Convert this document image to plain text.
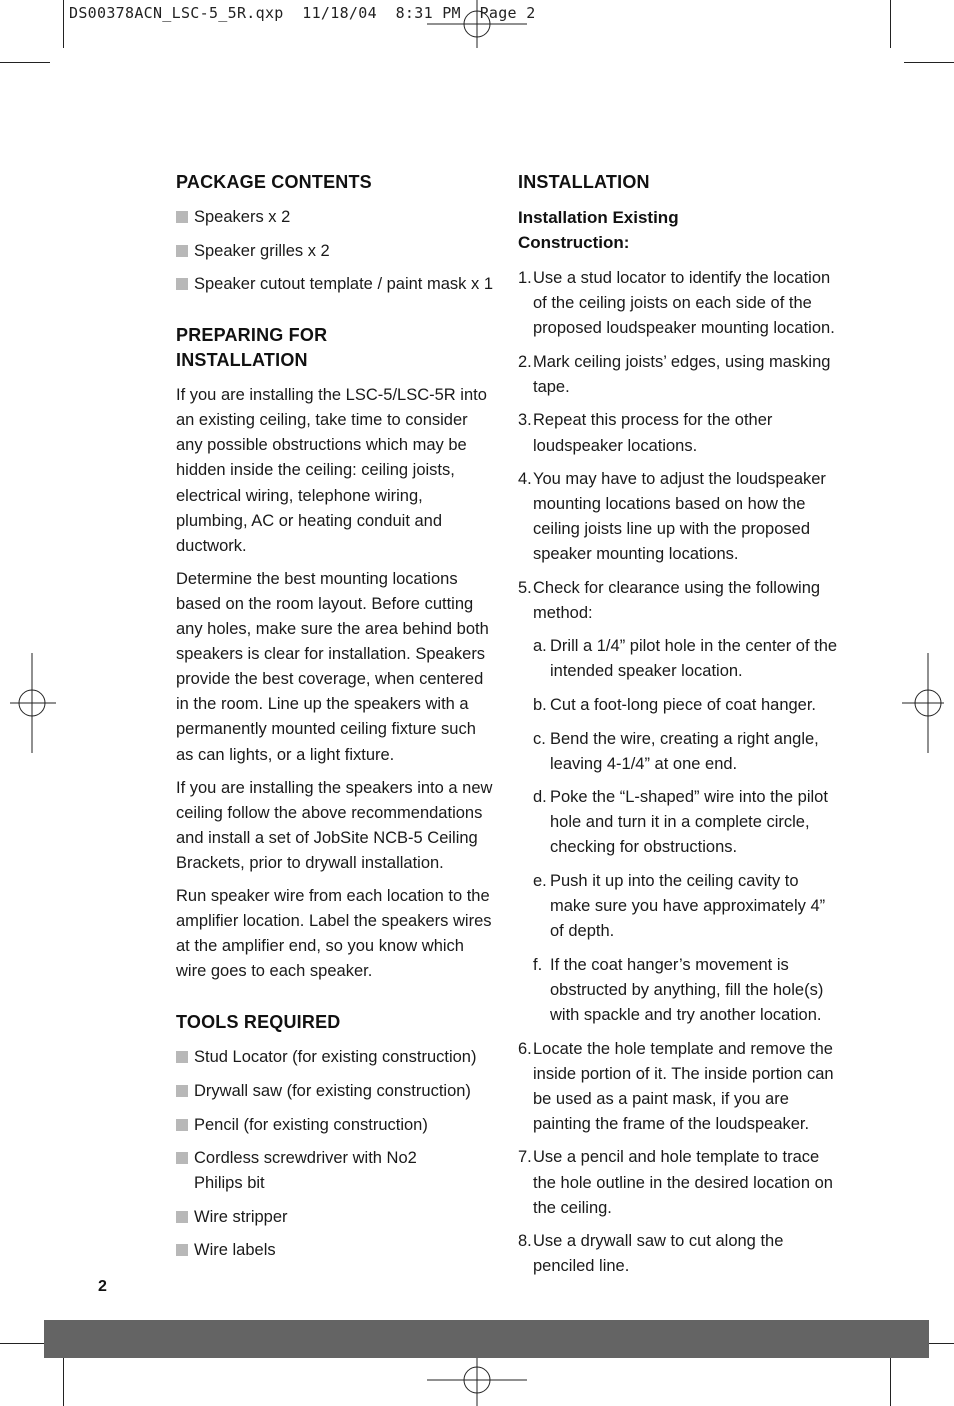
DS00378ACN_LSC-5_5R.qxp  11/18/04  8:31 PM  Page 2
PACKAGE CONTENTS
Speakers x 2
Speaker grilles x 2
Speaker cutout template / paint mask x 1
PREPARING FOR
INSTALLATION

If you are installing the LSC-5/LSC-5R into an existing ceiling, take time to consider any possible obstructions which may be hidden inside the ceiling: ceiling joists, electrical wiring, telephone wiring, plumbing, AC or heating conduit and ductwork.

Determine the best mounting locations based on the room layout. Before cutting any holes, make sure the area behind both speakers is clear for installation. Speakers provide the best coverage, when centered in the room. Line up the speakers with a permanently mounted ceiling fixture such as can lights, or a light fixture.

If you are installing the speakers into a new ceiling follow the above recommendations and install a set of JobSite NCB-5 Ceiling Brackets, prior to drywall installation.

Run speaker wire from each location to the amplifier location. Label the speakers wires at the amplifier end, so you know which wire goes to each speaker.

TOOLS REQUIRED
Stud Locator (for existing construction)
Drywall saw (for existing construction)
Pencil (for existing construction)
Cordless screwdriver with No2
Philips bit
Wire stripper
Wire labels
INSTALLATION
Installation Existing
Construction:
1. Use a stud locator to identify the location of the ceiling joists on each side of the proposed loudspeaker mounting location.
2. Mark ceiling joists’ edges, using masking tape.
3. Repeat this process for the other loudspeaker locations.
4. You may have to adjust the loudspeaker mounting locations based on how the ceiling joists line up with the proposed speaker mounting locations.
5. Check for clearance using the following method:
a. Drill a 1/4” pilot hole in the center of the intended speaker location.
b. Cut a foot-long piece of coat hanger.
c. Bend the wire, creating a right angle, leaving 4-1/4” at one end.
d. Poke the “L-shaped” wire into the pilot hole and turn it in a complete circle, checking for obstructions.
e. Push it up into the ceiling cavity to make sure you have approximately 4” of depth.
f. If the coat hanger’s movement is obstructed by anything, fill the hole(s) with spackle and try another location.
6. Locate the hole template and remove the inside portion of it. The inside portion can be used as a paint mask, if you are painting the frame of the loudspeaker.
7. Use a pencil and hole template to trace the hole outline in the desired location on the ceiling.
8. Use a drywall saw to cut along the penciled line.
2
